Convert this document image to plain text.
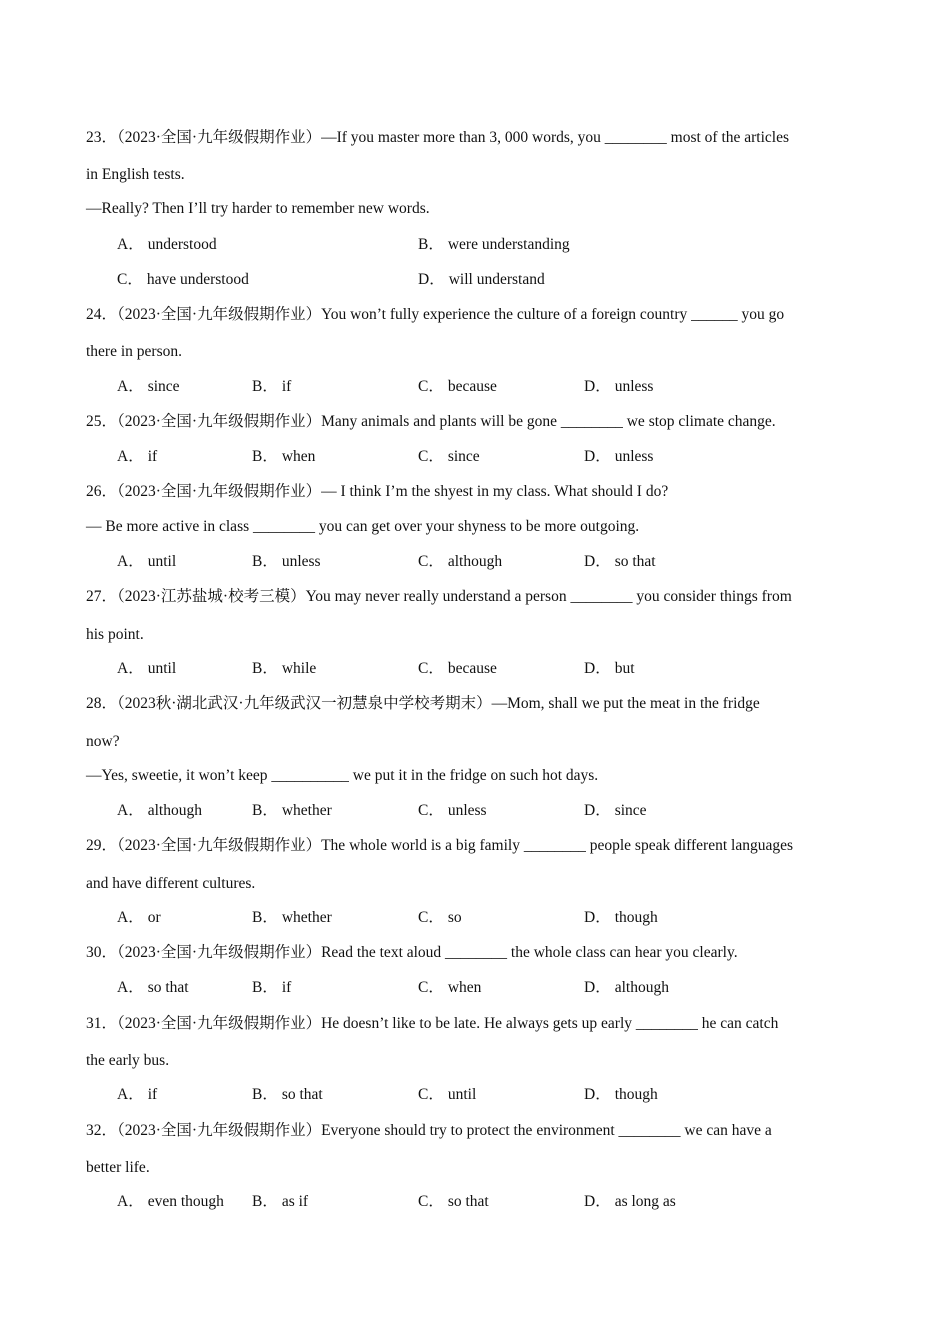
23．（2023·全国·九年级假期作业）—If you master more than 3, 000 words, you ________ most of the articles
in English tests.
—Really? Then I’ll try harder to remember new words.
A． understood	B． were understanding
C． have understood	D． will understand
24．（2023·全国·九年级假期作业）You won’t fully experience the culture of a foreign country ______ you go
there in person.
A． since	B． if	C． because	D． unless
25．（2023·全国·九年级假期作业）Many animals and plants will be gone ________ we stop climate change.
A． if	B． when	C． since	D． unless
26．（2023·全国·九年级假期作业）— I think I’m the shyest in my class. What should I do?
— Be more active in class ________ you can get over your shyness to be more outgoing.
A． until	B． unless	C． although	D． so that
27．（2023·江苏盐城·校考三模）You may never really understand a person ________ you consider things from
his point.
A． until	B． while	C． because	D． but
28．（2023秋·湖北武汉·九年级武汉一初慧泉中学校考期末）—Mom, shall we put the meat in the fridge
now?
—Yes, sweetie, it won’t keep __________ we put it in the fridge on such hot days.
A． although	B． whether	C． unless	D． since
29．（2023·全国·九年级假期作业）The whole world is a big family ________ people speak different languages
and have different cultures.
A． or	B． whether	C． so	D． though
30．（2023·全国·九年级假期作业）Read the text aloud ________ the whole class can hear you clearly.
A． so that	B． if	C． when	D． although
31．（2023·全国·九年级假期作业）He doesn’t like to be late. He always gets up early ________ he can catch
the early bus.
A． if	B． so that	C． until	D． though
32．（2023·全国·九年级假期作业）Everyone should try to protect the environment ________ we can have a
better life.
A． even though B． as if	C． so that	D． as long as
